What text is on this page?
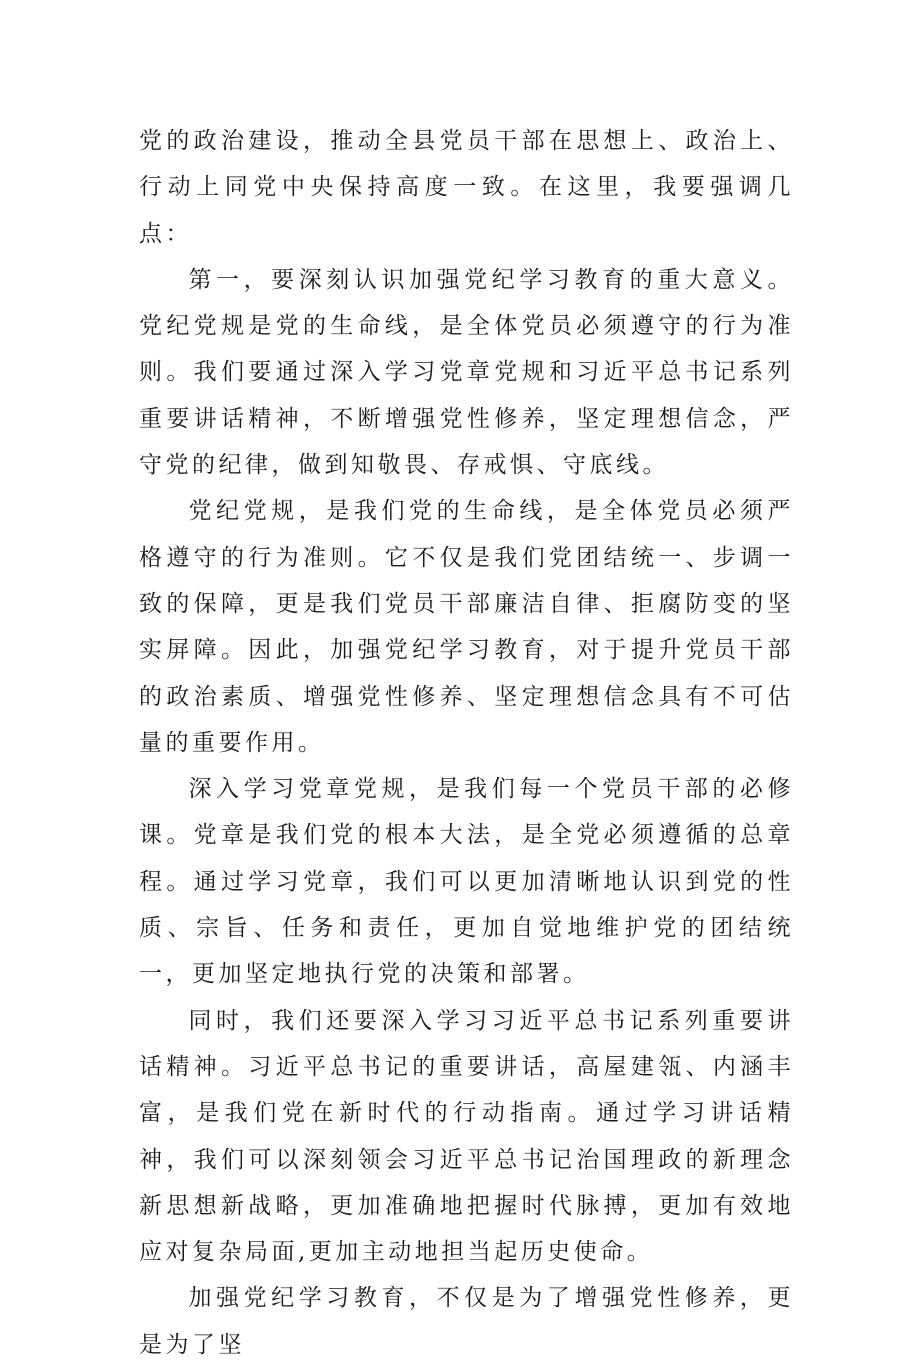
党的政治建设，推动全县党员干部在思想上、政治上、行动上同党中央保持高度一致。在这里，我要强调几点：

第一，要深刻认识加强党纪学习教育的重大意义。党纪党规是党的生命线，是全体党员必须遵守的行为准则。我们要通过深入学习党章党规和习近平总书记系列重要讲话精神，不断增强党性修养，坚定理想信念，严守党的纪律，做到知敬畏、存戒惧、守底线。

党纪党规，是我们党的生命线，是全体党员必须严格遵守的行为准则。它不仅是我们党团结统一、步调一致的保障，更是我们党员干部廉洁自律、拒腐防变的坚实屏障。因此，加强党纪学习教育，对于提升党员干部的政治素质、增强党性修养、坚定理想信念具有不可估量的重要作用。

深入学习党章党规，是我们每一个党员干部的必修课。党章是我们党的根本大法，是全党必须遵循的总章程。通过学习党章，我们可以更加清晰地认识到党的性质、宗旨、任务和责任，更加自觉地维护党的团结统一，更加坚定地执行党的决策和部署。

同时，我们还要深入学习习近平总书记系列重要讲话精神。习近平总书记的重要讲话，高屋建瓴、内涵丰富，是我们党在新时代的行动指南。通过学习讲话精神，我们可以深刻领会习近平总书记治国理政的新理念新思想新战略，更加准确地把握时代脉搏，更加有效地应对复杂局面,更加主动地担当起历史使命。

加强党纪学习教育，不仅是为了增强党性修养，更是为了坚
